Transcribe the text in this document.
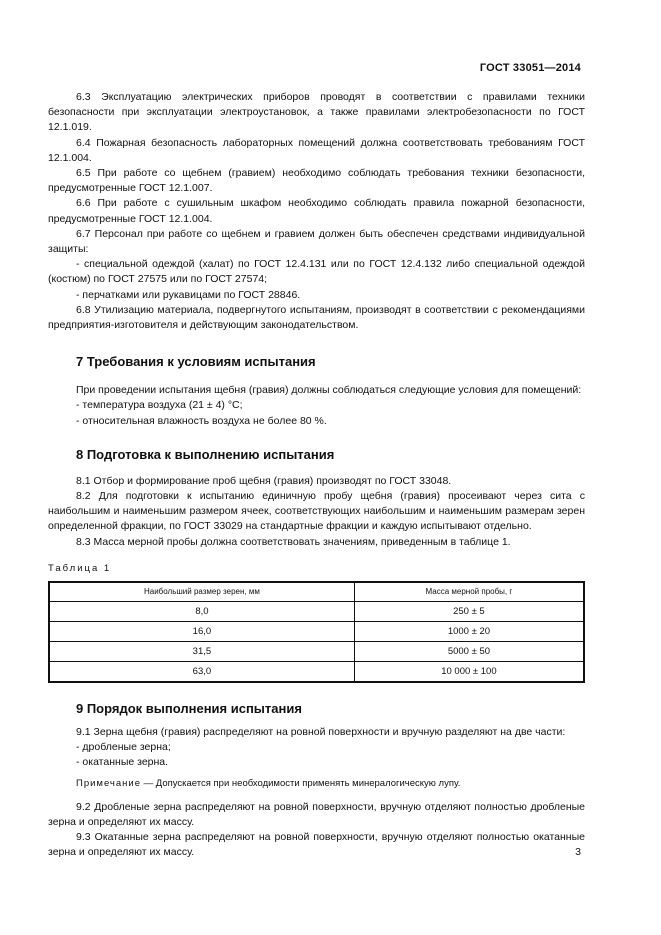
ГОСТ 33051—2014

6.3 Эксплуатацию электрических приборов проводят в соответствии с правилами техники безопасности при эксплуатации электроустановок, а также правилами электробезопасности по ГОСТ 12.1.019.

6.4 Пожарная безопасность лабораторных помещений должна соответствовать требованиям ГОСТ 12.1.004.

6.5 При работе со щебнем (гравием) необходимо соблюдать требования техники безопасности, предусмотренные ГОСТ 12.1.007.

6.6 При работе с сушильным шкафом необходимо соблюдать правила пожарной безопасности, предусмотренные ГОСТ 12.1.004.

6.7 Персонал при работе со щебнем и гравием должен быть обеспечен средствами индивидуальной защиты:

- специальной одеждой (халат) по ГОСТ 12.4.131 или по ГОСТ 12.4.132 либо специальной одеждой (костюм) по ГОСТ 27575 или по ГОСТ 27574;

- перчатками или рукавицами по ГОСТ 28846.

6.8 Утилизацию материала, подвергнутого испытаниям, производят в соответствии с рекомендациями предприятия-изготовителя и действующим законодательством.

7 Требования к условиям испытания

При проведении испытания щебня (гравия) должны соблюдаться следующие условия для помещений:

- температура воздуха (21 ± 4) °С;

- относительная влажность воздуха не более 80 %.

8 Подготовка к выполнению испытания

8.1 Отбор и формирование проб щебня (гравия) производят по ГОСТ 33048.

8.2 Для подготовки к испытанию единичную пробу щебня (гравия) просеивают через сита с наибольшим и наименьшим размером ячеек, соответствующих наибольшим и наименьшим размерам зерен определенной фракции, по ГОСТ 33029 на стандартные фракции и каждую испытывают отдельно.

8.3 Масса мерной пробы должна соответствовать значениям, приведенным в таблице 1.

Таблица 1
Наибольший размер зерен, мм	Масса мерной пробы, г
8,0	250 ± 5
16,0	1000 ± 20
31,5	5000 ± 50
63,0	10 000 ± 100
9 Порядок выполнения испытания

9.1 Зерна щебня (гравия) распределяют на ровной поверхности и вручную разделяют на две части:

- дробленые зерна;

- окатанные зерна.

Примечание — Допускается при необходимости применять минералогическую лупу.

9.2 Дробленые зерна распределяют на ровной поверхности, вручную отделяют полностью дробленые зерна и определяют их массу.

9.3 Окатанные зерна распределяют на ровной поверхности, вручную отделяют полностью окатанные зерна и определяют их массу.	3
